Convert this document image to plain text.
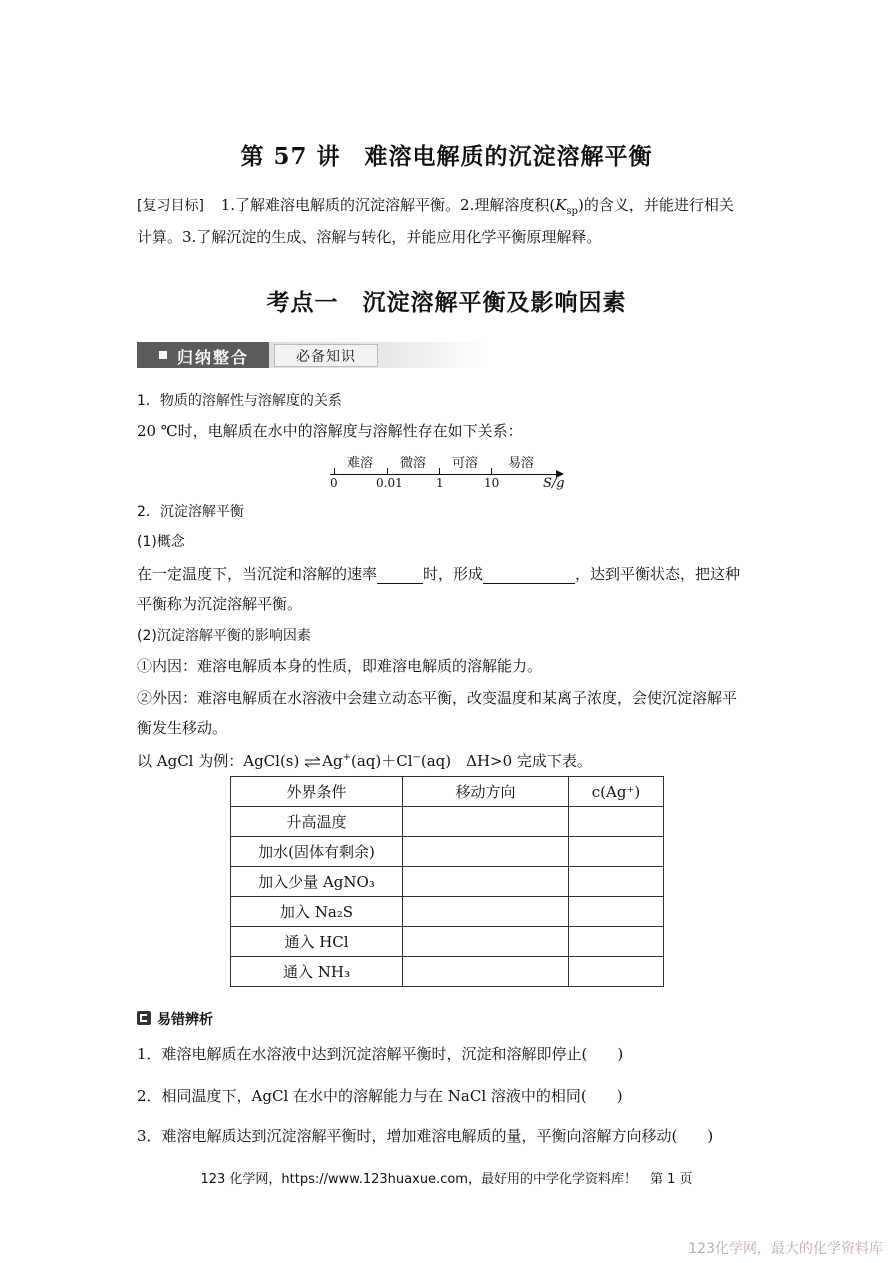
第 57 讲　难溶电解质的沉淀溶解平衡
[复习目标] 1.了解难溶电解质的沉淀溶解平衡。2.理解溶度积$(K_{sp})$的含义，并能进行相关
计算。3.了解沉淀的生成、溶解与转化，并能应用化学平衡原理解释。
考点一　沉淀溶解平衡及影响因素
归纳整合	必备知识
1．物质的溶解性与溶解度的关系
20 ℃时，电解质在水中的溶解度与溶解性存在如下关系：
难溶 微溶 可溶 易溶
0	0.01	1	10	S/g
2．沉淀溶解平衡
(1)概念
在一定温度下，当沉淀和溶解的速率	时，形成	，达到平衡状态，把这种
平衡称为沉淀溶解平衡。
(2)沉淀溶解平衡的影响因素
①内因：难溶电解质本身的性质，即难溶电解质的溶解能力。
②外因：难溶电解质在水溶液中会建立动态平衡，改变温度和某离子浓度，会使沉淀溶解平
衡发生移动。
以 AgCl 为例：AgCl(s) ⇌Ag+(aq)＋Cl−(aq)　ΔH>0 完成下表。
外界条件	移动方向	c(Ag⁺)
升高温度		
加水(固体有剩余)		
加入少量 AgNO₃		
加入 Na₂S		
通入 HCl		
通入 NH₃		
易错辨析
1．难溶电解质在水溶液中达到沉淀溶解平衡时，沉淀和溶解即停止(　　)
2．相同温度下，AgCl 在水中的溶解能力与在 NaCl 溶液中的相同(　　)
3．难溶电解质达到沉淀溶解平衡时，增加难溶电解质的量，平衡向溶解方向移动(　　)
123 化学网，https://www.123huaxue.com，最好用的中学化学资料库！　第 1 页
123化学网，最大的化学资料库
